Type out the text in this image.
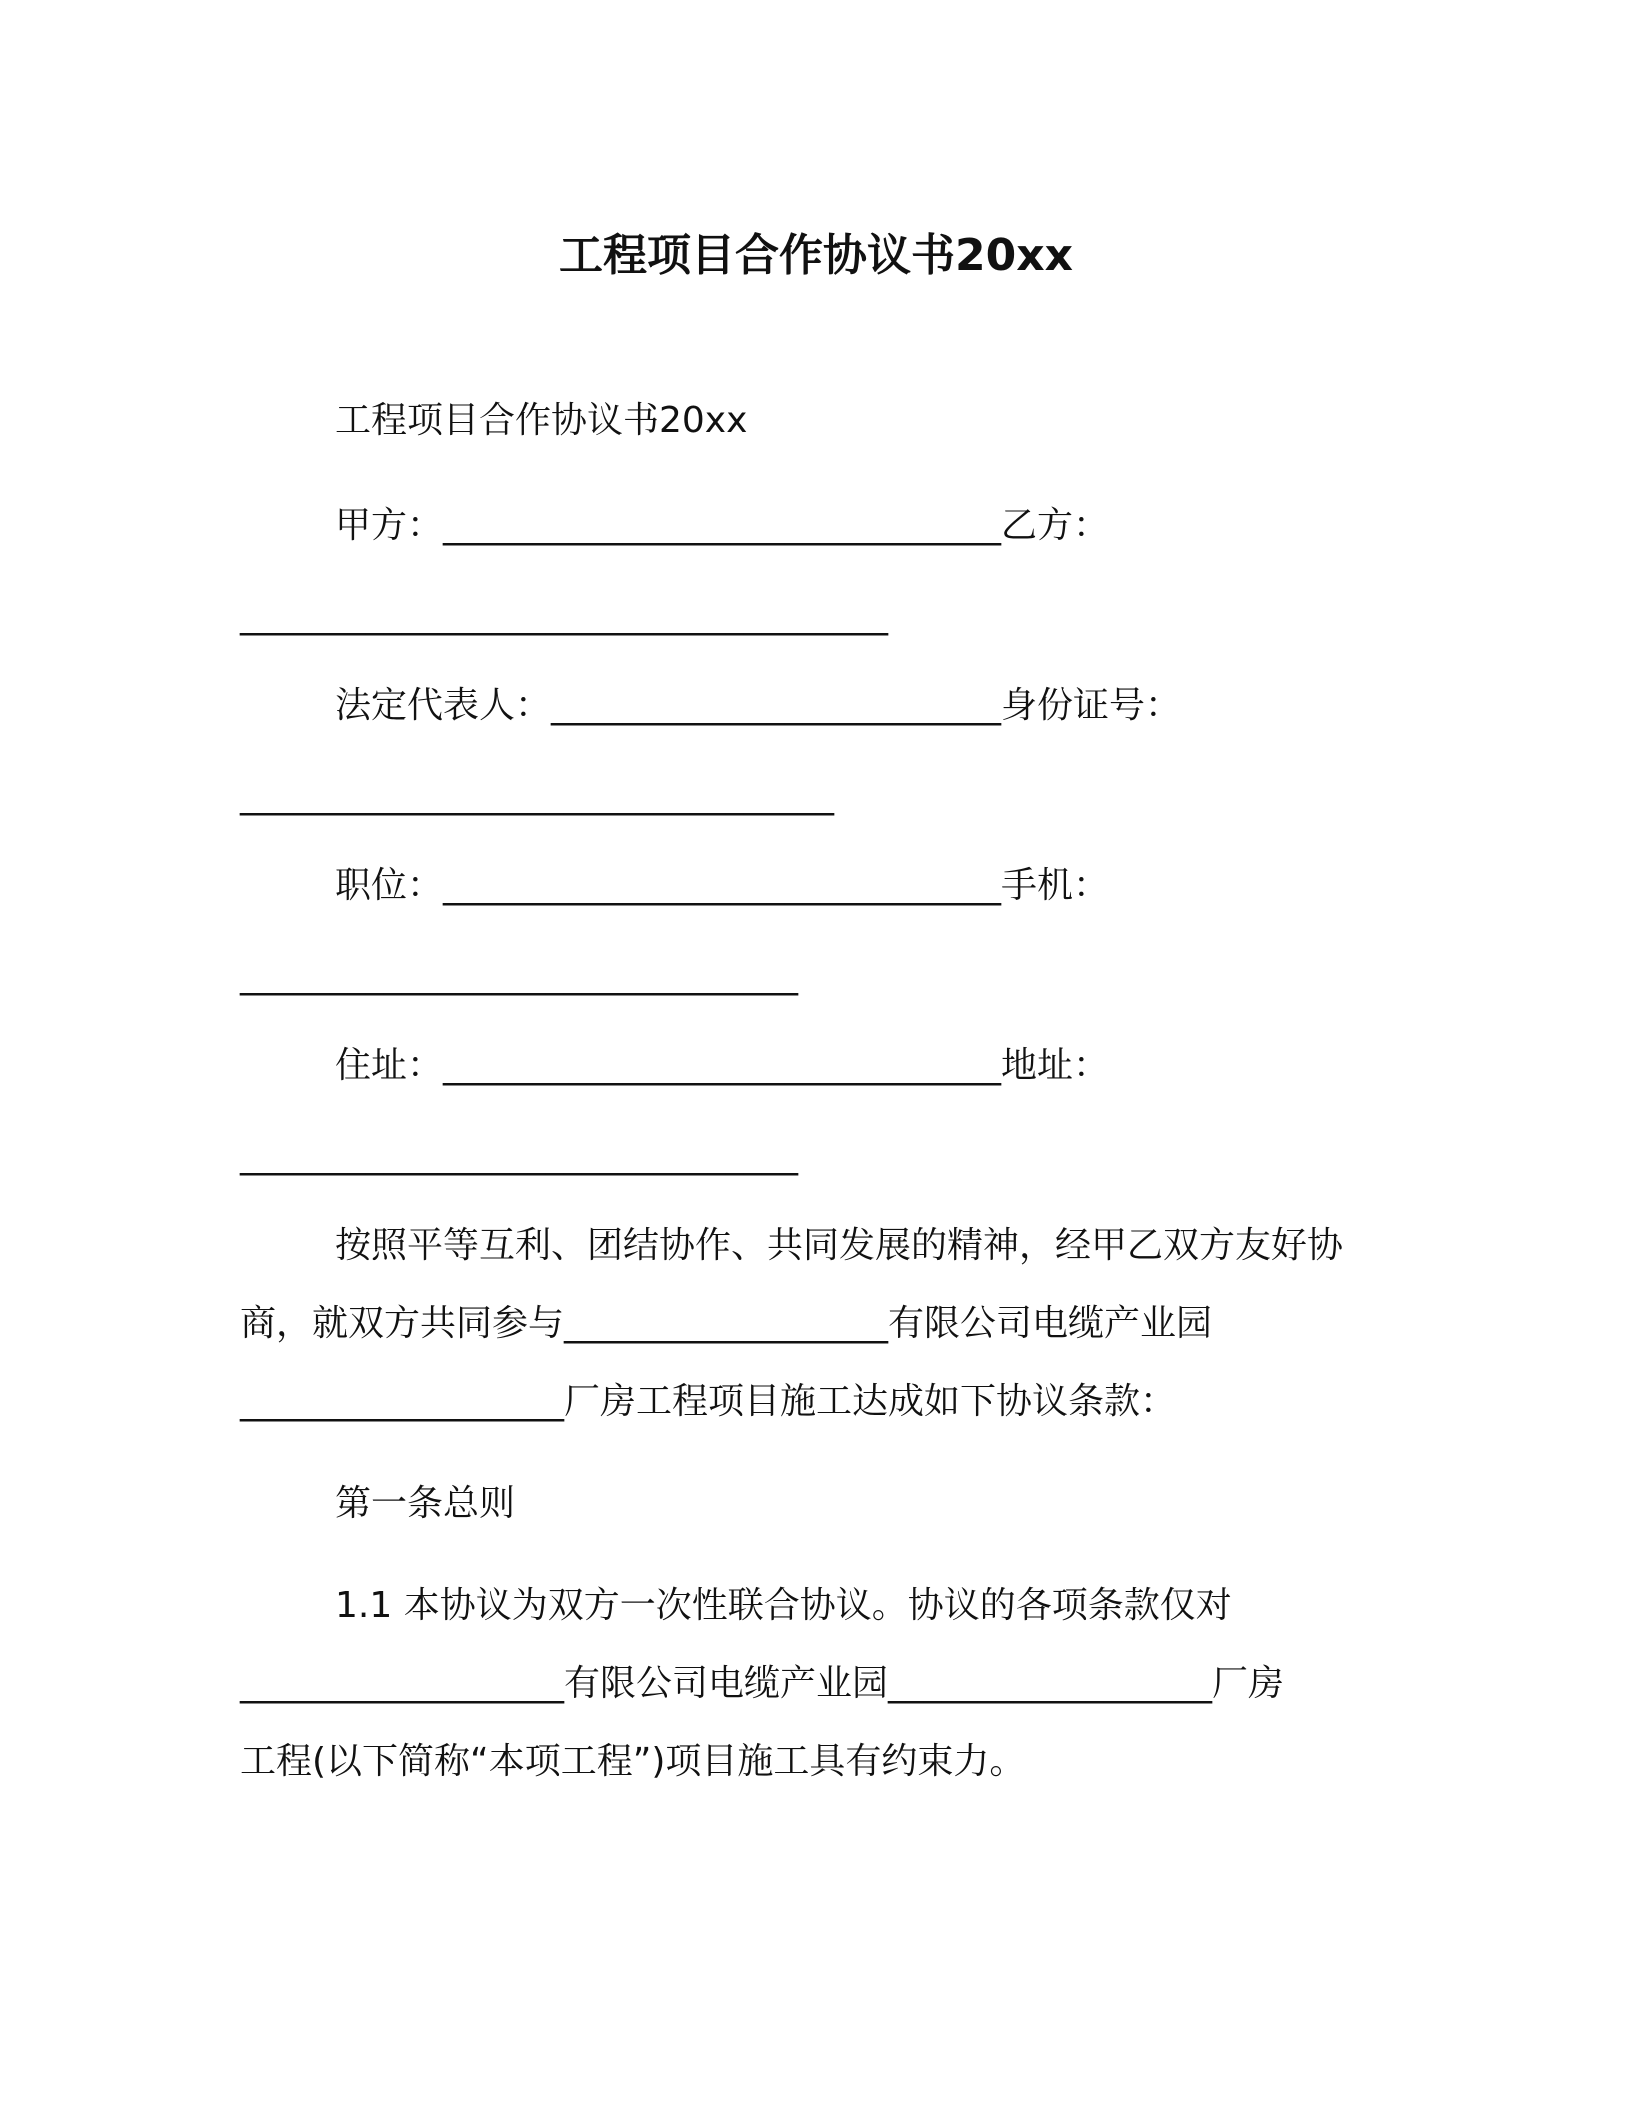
工程项目合作协议书20xx
工程项目合作协议书20xx
甲方：_______________________________乙方：
____________________________________
法定代表人：_________________________身份证号：
_________________________________
职位：_______________________________手机：
_______________________________
住址：_______________________________地址：
_______________________________
按照平等互利、团结协作、共同发展的精神，经甲乙双方友好协
商，就双方共同参与__________________有限公司电缆产业园
__________________厂房工程项目施工达成如下协议条款：
第一条总则
1.1 本协议为双方一次性联合协议。协议的各项条款仅对
__________________有限公司电缆产业园__________________厂房
工程(以下简称“本项工程”)项目施工具有约束力。
